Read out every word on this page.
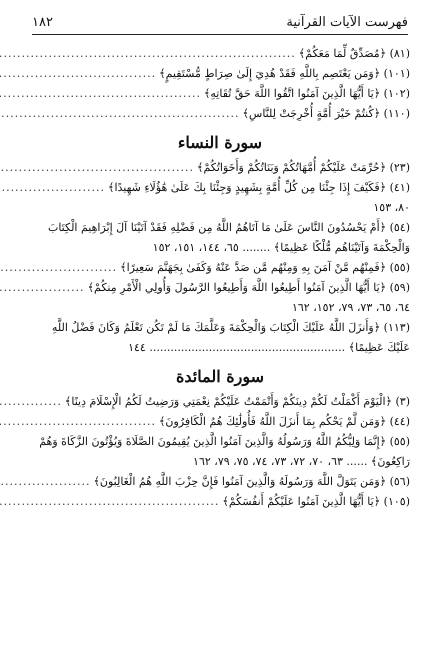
فهرست الآيات القرآنية
١٨٢
(٨١) ﴿مُصَدِّقٌ لِّمَا مَعَكُمْ﴾
.....
(١٠١) ﴿وَمَن يَعْتَصِم بِاللَّهِ فَقَدْ هُدِيَ إِلَىٰ صِرَاطٍ مُّسْتَقِيمٍ﴾
.....
(١٠٢) ﴿يَا أَيُّهَا الَّذِينَ آمَنُوا اتَّقُوا اللَّهَ حَقَّ تُقَاتِهِ﴾
.....
(١١٠) ﴿كُنتُمْ خَيْرَ أُمَّةٍ أُخْرِجَتْ لِلنَّاسِ﴾
.....
سورة النساء
(٢٣) ﴿حُرِّمَتْ عَلَيْكُمْ أُمَّهَاتُكُمْ وَبَنَاتُكُمْ وَأَخَوَاتُكُمْ﴾
.....
(٤١) ﴿فَكَيْفَ إِذَا جِئْنَا مِن كُلِّ أُمَّةٍ بِشَهِيدٍ وَجِئْنَا بِكَ عَلَىٰ هَٰؤُلَاءِ شَهِيدًا﴾
.....
٨٠، ١٥٣
(٥٤) ﴿أَمْ يَحْسُدُونَ النَّاسَ عَلَىٰ مَا آتَاهُمُ اللَّهُ مِن فَضْلِهِ فَقَدْ آتَيْنَا آلَ إِبْرَاهِيمَ الْكِتَابَ
وَالْحِكْمَةَ وَآتَيْنَاهُم مُّلْكًا عَظِيمًا﴾ ........ ٦٥، ١٤٤، ١٥١، ١٥٢
(٥٥) ﴿فَمِنْهُم مَّنْ آمَنَ بِهِ وَمِنْهُم مَّن صَدَّ عَنْهُ وَكَفَىٰ بِجَهَنَّمَ سَعِيرًا﴾
.....
(٥٩) ﴿يَا أَيُّهَا الَّذِينَ آمَنُوا أَطِيعُوا اللَّهَ وَأَطِيعُوا الرَّسُولَ وَأُولِي الْأَمْرِ مِنكُمْ﴾
.....
٦٤، ٦٥، ٧٣، ٧٩، ١٥٢، ١٦٢
(١١٣) ﴿وَأَنزَلَ اللَّهُ عَلَيْكَ الْكِتَابَ وَالْحِكْمَةَ وَعَلَّمَكَ مَا لَمْ تَكُن تَعْلَمُ وَكَانَ فَضْلُ اللَّهِ
عَلَيْكَ عَظِيمًا﴾ ........................................................ ١٤٤
سورة المائدة
(٣) ﴿الْيَوْمَ أَكْمَلْتُ لَكُمْ دِينَكُمْ وَأَتْمَمْتُ عَلَيْكُمْ نِعْمَتِي وَرَضِيتُ لَكُمُ الْإِسْلَامَ دِينًا﴾
.....
(٤٤) ﴿وَمَن لَّمْ يَحْكُم بِمَا أَنزَلَ اللَّهُ فَأُولَٰئِكَ هُمُ الْكَافِرُونَ﴾
.....
(٥٥) ﴿إِنَّمَا وَلِيُّكُمُ اللَّهُ وَرَسُولُهُ وَالَّذِينَ آمَنُوا الَّذِينَ يُقِيمُونَ الصَّلَاةَ وَيُؤْتُونَ الزَّكَاةَ وَهُمْ
رَاكِعُونَ﴾ ...... ٦٣، ٧٠، ٧٢، ٧٣، ٧٤، ٧٥، ٧٩، ١٦٢
(٥٦) ﴿وَمَن يَتَوَلَّ اللَّهَ وَرَسُولَهُ وَالَّذِينَ آمَنُوا فَإِنَّ حِزْبَ اللَّهِ هُمُ الْغَالِبُونَ﴾
.....
(١٠٥) ﴿يَا أَيُّهَا الَّذِينَ آمَنُوا عَلَيْكُمْ أَنفُسَكُمْ﴾
.....
